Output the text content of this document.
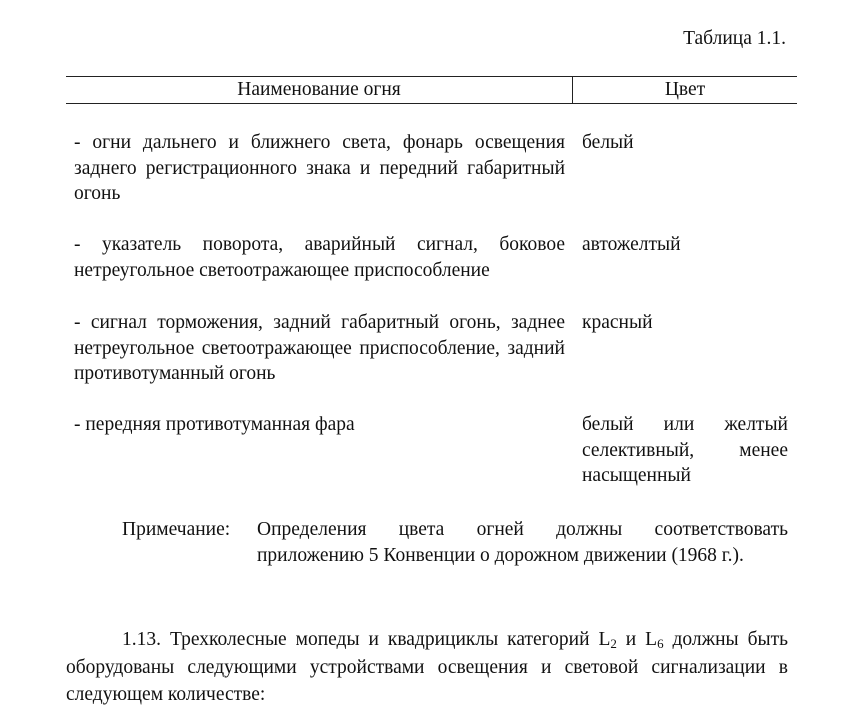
Таблица 1.1.
Наименование огня	Цвет
- огни дальнего и ближнего света, фонарь освещения заднего регистрационного знака и передний габаритный огонь
белый
- указатель поворота, аварийный сигнал, боковое нетреугольное светоотражающее приспособление
автожелтый
- сигнал торможения, задний габаритный огонь, заднее нетреугольное светоотражающее приспособление, задний противотуманный огонь
красный
- передняя противотуманная фара	белый или желтый селективный, менее насыщенный
Примечание: Определения цвета огней должны соответствовать приложению 5 Конвенции о дорожном движении (1968 г.).
1.13. Трехколесные мопеды и квадрициклы категорий $L_2$ и $L_6$ должны быть оборудованы следующими устройствами освещения и световой сигнализации в следующем количестве:
